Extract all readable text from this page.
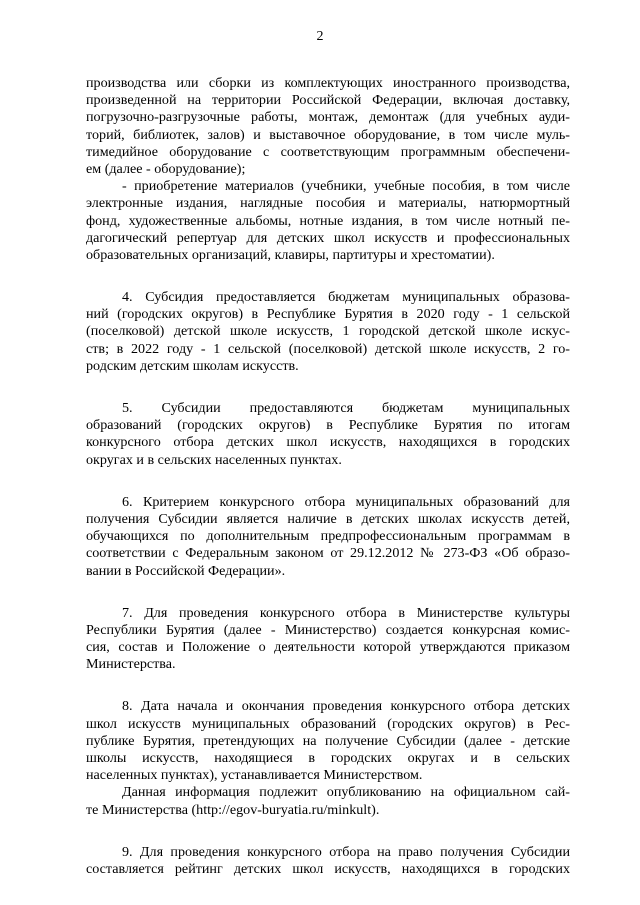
2
производства или сборки из комплектующих иностранного производства,
произведенной на территории Российской Федерации, включая доставку,
погрузочно-разгрузочные работы, монтаж, демонтаж (для учебных ауди-
торий, библиотек, залов) и выставочное оборудование, в том числе муль-
тимедийное оборудование с соответствующим программным обеспечени-
ем (далее - оборудование);
- приобретение материалов (учебники, учебные пособия, в том числе
электронные издания, наглядные пособия и материалы, натюрмортный
фонд, художественные альбомы, нотные издания, в том числе нотный пе-
дагогический репертуар для детских школ искусств и профессиональных
образовательных организаций, клавиры, партитуры и хрестоматии).
4. Субсидия предоставляется бюджетам муниципальных образова-
ний (городских округов) в Республике Бурятия в 2020 году - 1 сельской
(поселковой) детской школе искусств, 1 городской детской школе искус-
ств; в 2022 году - 1 сельской (поселковой) детской школе искусств, 2 го-
родским детским школам искусств.
5. Субсидии предоставляются бюджетам муниципальных
образований (городских округов) в Республике Бурятия по итогам
конкурсного отбора детских школ искусств, находящихся в городских
округах и в сельских населенных пунктах.
6. Критерием конкурсного отбора муниципальных образований для
получения Субсидии является наличие в детских школах искусств детей,
обучающихся по дополнительным предпрофессиональным программам в
соответствии с Федеральным законом от 29.12.2012 № 273-ФЗ «Об образо-
вании в Российской Федерации».
7. Для проведения конкурсного отбора в Министерстве культуры
Республики Бурятия (далее - Министерство) создается конкурсная комис-
сия, состав и Положение о деятельности которой утверждаются приказом
Министерства.
8. Дата начала и окончания проведения конкурсного отбора детских
школ искусств муниципальных образований (городских округов) в Рес-
публике Бурятия, претендующих на получение Субсидии (далее - детские
школы искусств, находящиеся в городских округах и в сельских
населенных пунктах), устанавливается Министерством.
Данная информация подлежит опубликованию на официальном сай-
те Министерства (http://egov-buryatia.ru/minkult).
9. Для проведения конкурсного отбора на право получения Субсидии
составляется рейтинг детских школ искусств, находящихся в городских
